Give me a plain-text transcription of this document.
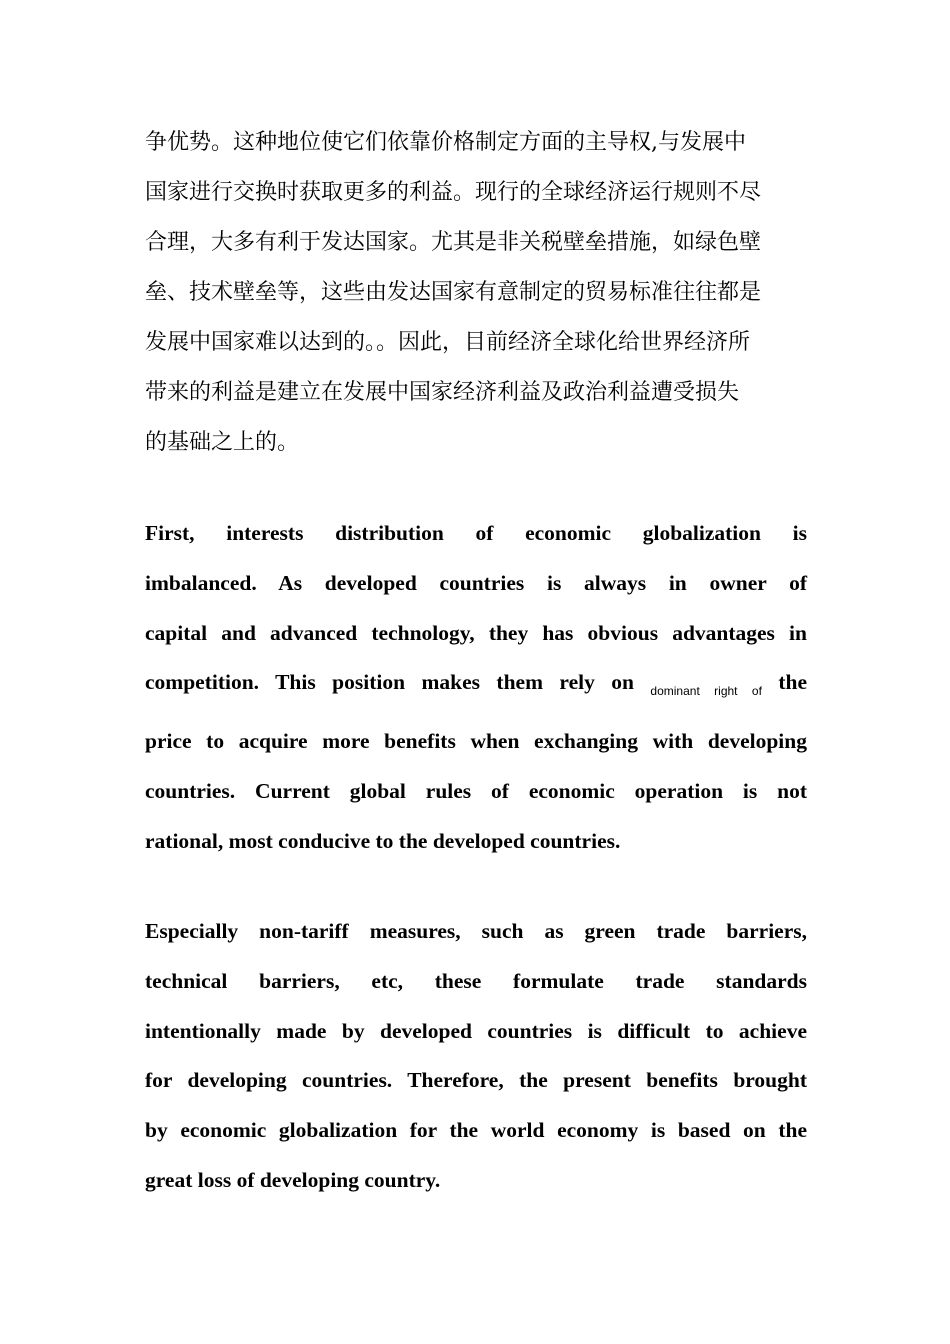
争优势。这种地位使它们依靠价格制定方面的主导权,与发展中
国家进行交换时获取更多的利益。现行的全球经济运行规则不尽
合理，大多有利于发达国家。尤其是非关税壁垒措施，如绿色壁
垒、技术壁垒等，这些由发达国家有意制定的贸易标准往往都是
发展中国家难以达到的。。因此，目前经济全球化给世界经济所
带来的利益是建立在发展中国家经济利益及政治利益遭受损失
的基础之上的。
First, interests distribution of economic globalization is
imbalanced. As developed countries is always in owner of
capital and advanced technology, they has obvious advantages in
competition. This position makes them rely on $_{dominant right of}$ the
price to acquire more benefits when exchanging with developing
countries. Current global rules of economic operation is not
rational, most conducive to the developed countries.
Especially non-tariff measures, such as green trade barriers,
technical barriers, etc, these formulate trade standards
intentionally made by developed countries is difficult to achieve
for developing countries. Therefore, the present benefits brought
by economic globalization for the world economy is based on the
great loss of developing country.
